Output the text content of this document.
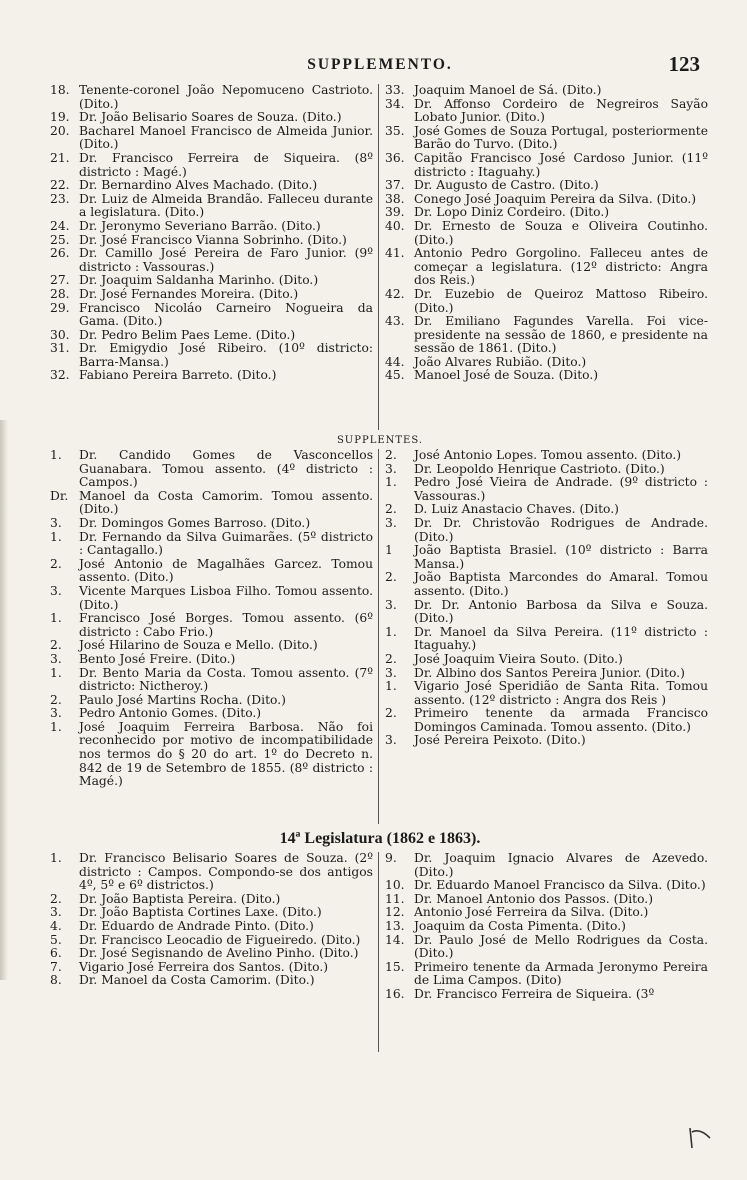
SUPPLEMENTO.	123

18. Tenente-coronel João Nepomuceno Castrioto. (Dito.)

19. Dr. João Belisario Soares de Souza. (Dito.)

20. Bacharel Manoel Francisco de Almeida Junior. (Dito.)

21. Dr. Francisco Ferreira de Siqueira. (8º districto : Magé.)

22. Dr. Bernardino Alves Machado. (Dito.)

23. Dr. Luiz de Almeida Brandão. Falleceu durante a legislatura. (Dito.)

24. Dr. Jeronymo Severiano Barrão. (Dito.)

25. Dr. José Francisco Vianna Sobrinho. (Dito.)

26. Dr. Camillo José Pereira de Faro Junior. (9º districto : Vassouras.)

27. Dr. Joaquim Saldanha Marinho. (Dito.)

28. Dr. José Fernandes Moreira. (Dito.)

29. Francisco Nicoláo Carneiro Nogueira da Gama. (Dito.)

30. Dr. Pedro Belim Paes Leme. (Dito.)

31. Dr. Emigydio José Ribeiro. (10º districto: Barra-Mansa.)

32. Fabiano Pereira Barreto. (Dito.)

33. Joaquim Manoel de Sá. (Dito.)

34. Dr. Affonso Cordeiro de Negreiros Sayão Lobato Junior. (Dito.)

35. José Gomes de Souza Portugal, posteriormente Barão do Turvo. (Dito.)

36. Capitão Francisco José Cardoso Junior. (11º districto : Itaguahy.)

37. Dr. Augusto de Castro. (Dito.)

38. Conego José Joaquim Pereira da Silva. (Dito.)

39. Dr. Lopo Diniz Cordeiro. (Dito.)

40. Dr. Ernesto de Souza e Oliveira Coutinho. (Dito.)

41. Antonio Pedro Gorgolino. Falleceu antes de começar a legislatura. (12º districto: Angra dos Reis.)

42. Dr. Euzebio de Queiroz Mattoso Ribeiro. (Dito.)

43. Dr. Emiliano Fagundes Varella. Foi vice-presidente na sessão de 1860, e presidente na sessão de 1861. (Dito.)

44. João Alvares Rubião. (Dito.)

45. Manoel José de Souza. (Dito.)

SUPPLENTES.

1. Dr. Candido Gomes de Vasconcellos Guanabara. Tomou assento. (4º districto : Campos.)

Dr. Manoel da Costa Camorim. Tomou assento. (Dito.)

3. Dr. Domingos Gomes Barroso. (Dito.)

1. Dr. Fernando da Silva Guimarães. (5º districto : Cantagallo.)

2. José Antonio de Magalhães Garcez. Tomou assento. (Dito.)

3. Vicente Marques Lisboa Filho. Tomou assento. (Dito.)

1. Francisco José Borges. Tomou assento. (6º districto : Cabo Frio.)

2. José Hilarino de Souza e Mello. (Dito.)

3. Bento José Freire. (Dito.)

1. Dr. Bento Maria da Costa. Tomou assento. (7º districto: Nictheroy.)

2. Paulo José Martins Rocha. (Dito.)

3. Pedro Antonio Gomes. (Dito.)

1. José Joaquim Ferreira Barbosa. Não foi reconhecido por motivo de incompatibilidade nos termos do § 20 do art. 1º do Decreto n. 842 de 19 de Setembro de 1855. (8º districto : Magé.)

2. José Antonio Lopes. Tomou assento. (Dito.)

3. Dr. Leopoldo Henrique Castrioto. (Dito.)

1. Pedro José Vieira de Andrade. (9º districto : Vassouras.)

2. D. Luiz Anastacio Chaves. (Dito.)

3. Dr. Dr. Christovão Rodrigues de Andrade. (Dito.)

1 João Baptista Brasiel. (10º districto : Barra Mansa.)

2. João Baptista Marcondes do Amaral. Tomou assento. (Dito.)

3. Dr. Dr. Antonio Barbosa da Silva e Souza. (Dito.)

1. Dr. Manoel da Silva Pereira. (11º districto : Itaguahy.)

2. José Joaquim Vieira Souto. (Dito.)

3. Dr. Albino dos Santos Pereira Junior. (Dito.)

1. Vigario José Speridião de Santa Rita. Tomou assento. (12º districto : Angra dos Reis )

2. Primeiro tenente da armada Francisco Domingos Caminada. Tomou assento. (Dito.)

3. José Pereira Peixoto. (Dito.)

14ª Legislatura (1862 e 1863).

1. Dr. Francisco Belisario Soares de Souza. (2º districto : Campos. Compondo-se dos antigos 4º, 5º e 6º districtos.)

2. Dr. João Baptista Pereira. (Dito.)

3. Dr. João Baptista Cortines Laxe. (Dito.)

4. Dr. Eduardo de Andrade Pinto. (Dito.)

5. Dr. Francisco Leocadio de Figueiredo. (Dito.)

6. Dr. José Segisnando de Avelino Pinho. (Dito.)

7. Vigario José Ferreira dos Santos. (Dito.)

8. Dr. Manoel da Costa Camorim. (Dito.)

9. Dr. Joaquim Ignacio Alvares de Azevedo. (Dito.)

10. Dr. Eduardo Manoel Francisco da Silva. (Dito.)

11. Dr. Manoel Antonio dos Passos. (Dito.)

12. Antonio José Ferreira da Silva. (Dito.)

13. Joaquim da Costa Pimenta. (Dito.)

14. Dr. Paulo José de Mello Rodrigues da Costa. (Dito.)

15. Primeiro tenente da Armada Jeronymo Pereira de Lima Campos. (Dito)

16. Dr. Francisco Ferreira de Siqueira. (3º
